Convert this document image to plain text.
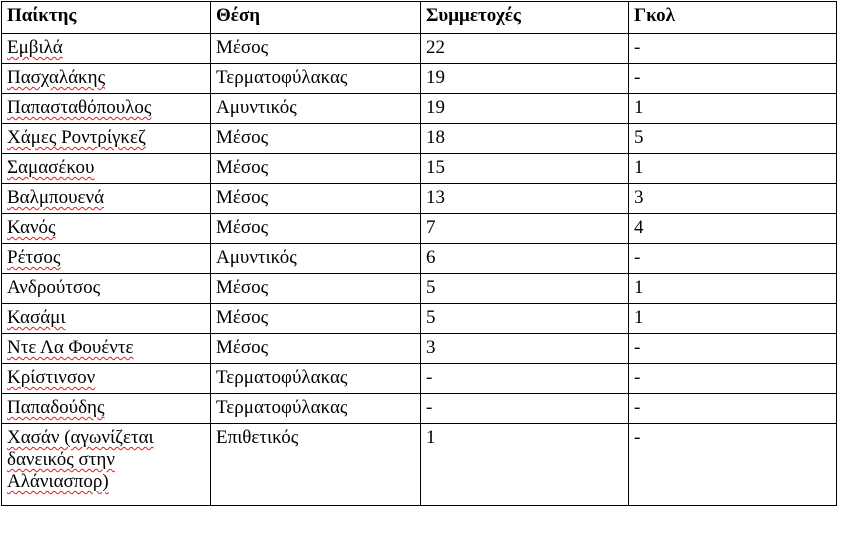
Παίκτης	Θέση	Συμμετοχές	Γκολ
Εμβιλά	Μέσος	22	-
Πασχαλάκης	Τερματοφύλακας	19	-
Παπασταθόπουλος	Αμυντικός	19	1
Χάμες Ροντρίγκεζ	Μέσος	18	5
Σαμασέκου	Μέσος	15	1
Βαλμπουενά	Μέσος	13	3
Κανός	Μέσος	7	4
Ρέτσος	Αμυντικός	6	-
Ανδρούτσος	Μέσος	5	1
Κασάμι	Μέσος	5	1
Ντε Λα Φουέντε	Μέσος	3	-
Κρίστινσον	Τερματοφύλακας	-	-
Παπαδούδης	Τερματοφύλακας	-	-
Χασάν (αγωνίζεται δανεικός στην Αλάνιασπορ)	Επιθετικός	1	-
